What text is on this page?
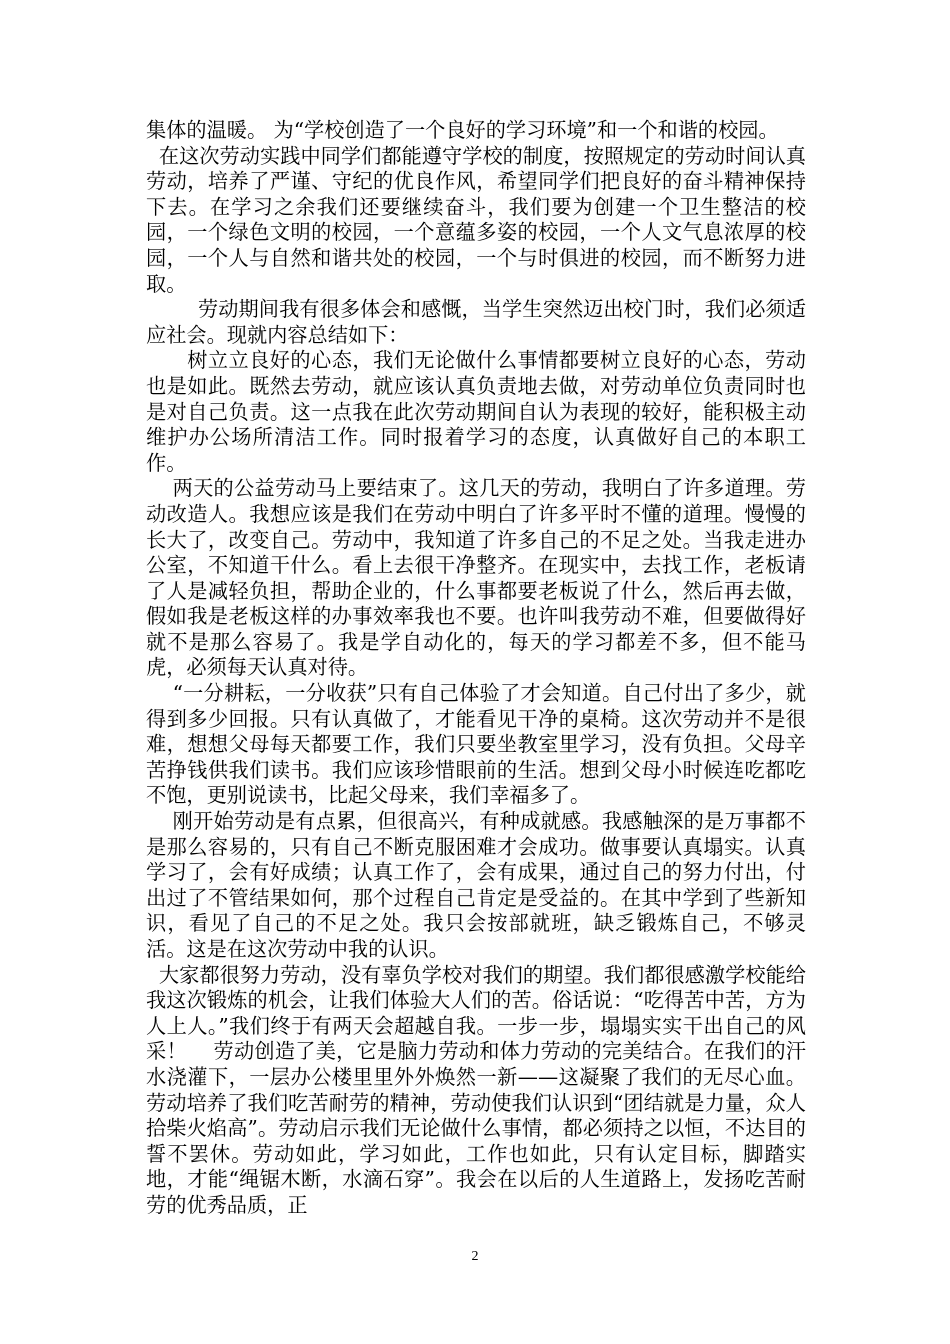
集体的温暖。 为“学校创造了一个良好的学习环境”和一个和谐的校园。

在这次劳动实践中同学们都能遵守学校的制度，按照规定的劳动时间认真劳动，培养了严谨、守纪的优良作风，希望同学们把良好的奋斗精神保持下去。在学习之余我们还要继续奋斗，我们要为创建一个卫生整洁的校园，一个绿色文明的校园，一个意蕴多姿的校园，一个人文气息浓厚的校园，一个人与自然和谐共处的校园，一个与时俱进的校园，而不断努力进取。

劳动期间我有很多体会和感慨，当学生突然迈出校门时，我们必须适应社会。现就内容总结如下：

树立立良好的心态，我们无论做什么事情都要树立良好的心态，劳动也是如此。既然去劳动，就应该认真负责地去做，对劳动单位负责同时也是对自己负责。这一点我在此次劳动期间自认为表现的较好，能积极主动维护办公场所清洁工作。同时报着学习的态度，认真做好自己的本职工作。

两天的公益劳动马上要结束了。这几天的劳动，我明白了许多道理。劳动改造人。我想应该是我们在劳动中明白了许多平时不懂的道理。慢慢的长大了，改变自己。劳动中，我知道了许多自己的不足之处。当我走进办公室，不知道干什么。看上去很干净整齐。在现实中，去找工作，老板请了人是减轻负担，帮助企业的，什么事都要老板说了什么，然后再去做，假如我是老板这样的办事效率我也不要。也许叫我劳动不难，但要做得好就不是那么容易了。我是学自动化的，每天的学习都差不多，但不能马虎，必须每天认真对待。

“一分耕耘，一分收获”只有自己体验了才会知道。自己付出了多少，就得到多少回报。只有认真做了，才能看见干净的桌椅。这次劳动并不是很难，想想父母每天都要工作，我们只要坐教室里学习，没有负担。父母辛苦挣钱供我们读书。我们应该珍惜眼前的生活。想到父母小时候连吃都吃不饱，更别说读书，比起父母来，我们幸福多了。

刚开始劳动是有点累，但很高兴，有种成就感。我感触深的是万事都不是那么容易的，只有自己不断克服困难才会成功。做事要认真塌实。认真学习了，会有好成绩；认真工作了，会有成果，通过自己的努力付出，付出过了不管结果如何，那个过程自己肯定是受益的。在其中学到了些新知识，看见了自己的不足之处。我只会按部就班，缺乏锻炼自己，不够灵活。这是在这次劳动中我的认识。

大家都很努力劳动，没有辜负学校对我们的期望。我们都很感激学校能给我这次锻炼的机会，让我们体验大人们的苦。俗话说：“吃得苦中苦，方为人上人。”我们终于有两天会超越自我。一步一步，塌塌实实干出自己的风采！    劳动创造了美，它是脑力劳动和体力劳动的完美结合。在我们的汗水浇灌下，一层办公楼里里外外焕然一新——这凝聚了我们的无尽心血。    劳动培养了我们吃苦耐劳的精神，劳动使我们认识到“团结就是力量，众人拾柴火焰高”。劳动启示我们无论做什么事情，都必须持之以恒，不达目的誓不罢休。劳动如此，学习如此，工作也如此，只有认定目标，脚踏实地，才能“绳锯木断，水滴石穿”。我会在以后的人生道路上，发扬吃苦耐劳的优秀品质，正

2
